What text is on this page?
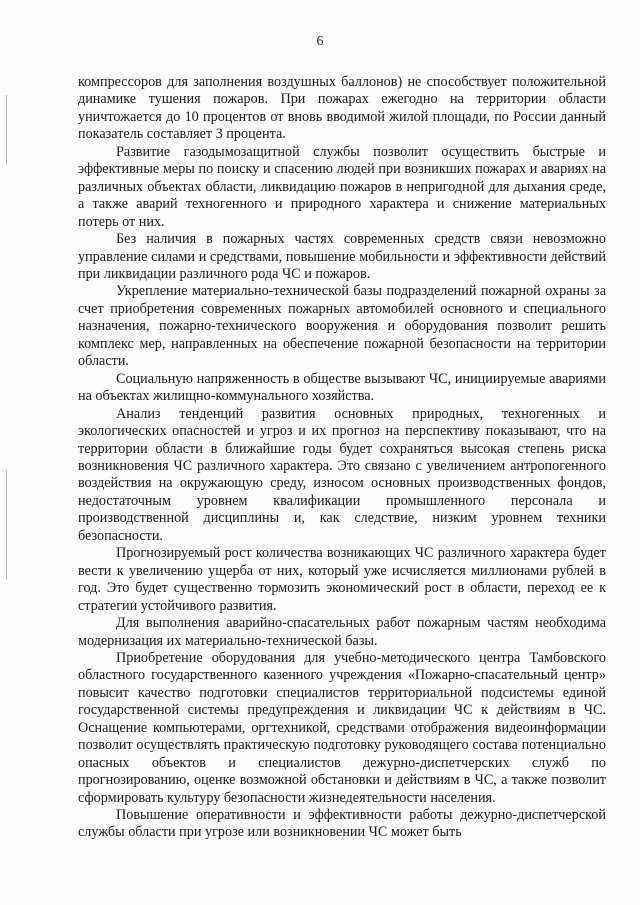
6

компрессоров для заполнения воздушных баллонов) не способствует положительной динамике тушения пожаров. При пожарах ежегодно на территории области уничтожается до 10 процентов от вновь вводимой жилой площади, по России данный показатель составляет 3 процента.

Развитие газодымозащитной службы позволит осуществить быстрые и эффективные меры по поиску и спасению людей при возникших пожарах и авариях на различных объектах области, ликвидацию пожаров в непригодной для дыхания среде, а также аварий техногенного и природного характера и снижение материальных потерь от них.

Без наличия в пожарных частях современных средств связи невозможно управление силами и средствами, повышение мобильности и эффективности действий при ликвидации различного рода ЧС и пожаров.

Укрепление материально-технической базы подразделений пожарной охраны за счет приобретения современных пожарных автомобилей основного и специального назначения, пожарно-технического вооружения и оборудования позволит решить комплекс мер, направленных на обеспечение пожарной безопасности на территории области.

Социальную напряженность в обществе вызывают ЧС, инициируемые авариями на объектах жилищно-коммунального хозяйства.

Анализ тенденций развития основных природных, техногенных и экологических опасностей и угроз и их прогноз на перспективу показывают, что на территории области в ближайшие годы будет сохраняться высокая степень риска возникновения ЧС различного характера. Это связано с увеличением антропогенного воздействия на окружающую среду, износом основных производственных фондов, недостаточным уровнем квалификации промышленного персонала и производственной дисциплины и, как следствие, низким уровнем техники безопасности.

Прогнозируемый рост количества возникающих ЧС различного характера будет вести к увеличению ущерба от них, который уже исчисляется миллионами рублей в год. Это будет существенно тормозить экономический рост в области, переход ее к стратегии устойчивого развития.

Для выполнения аварийно-спасательных работ пожарным частям необходима модернизация их материально-технической базы.

Приобретение оборудования для учебно-методического центра Тамбовского областного государственного казенного учреждения «Пожарно-спасательный центр» повысит качество подготовки специалистов территориальной подсистемы единой государственной системы предупреждения и ликвидации ЧС к действиям в ЧС. Оснащение компьютерами, оргтехникой, средствами отображения видеоинформации позволит осуществлять практическую подготовку руководящего состава потенциально опасных объектов и специалистов дежурно-диспетчерских служб по прогнозированию, оценке возможной обстановки и действиям в ЧС, а также позволит сформировать культуру безопасности жизнедеятельности населения.

Повышение оперативности и эффективности работы дежурно-диспетчерской службы области при угрозе или возникновении ЧС может быть
